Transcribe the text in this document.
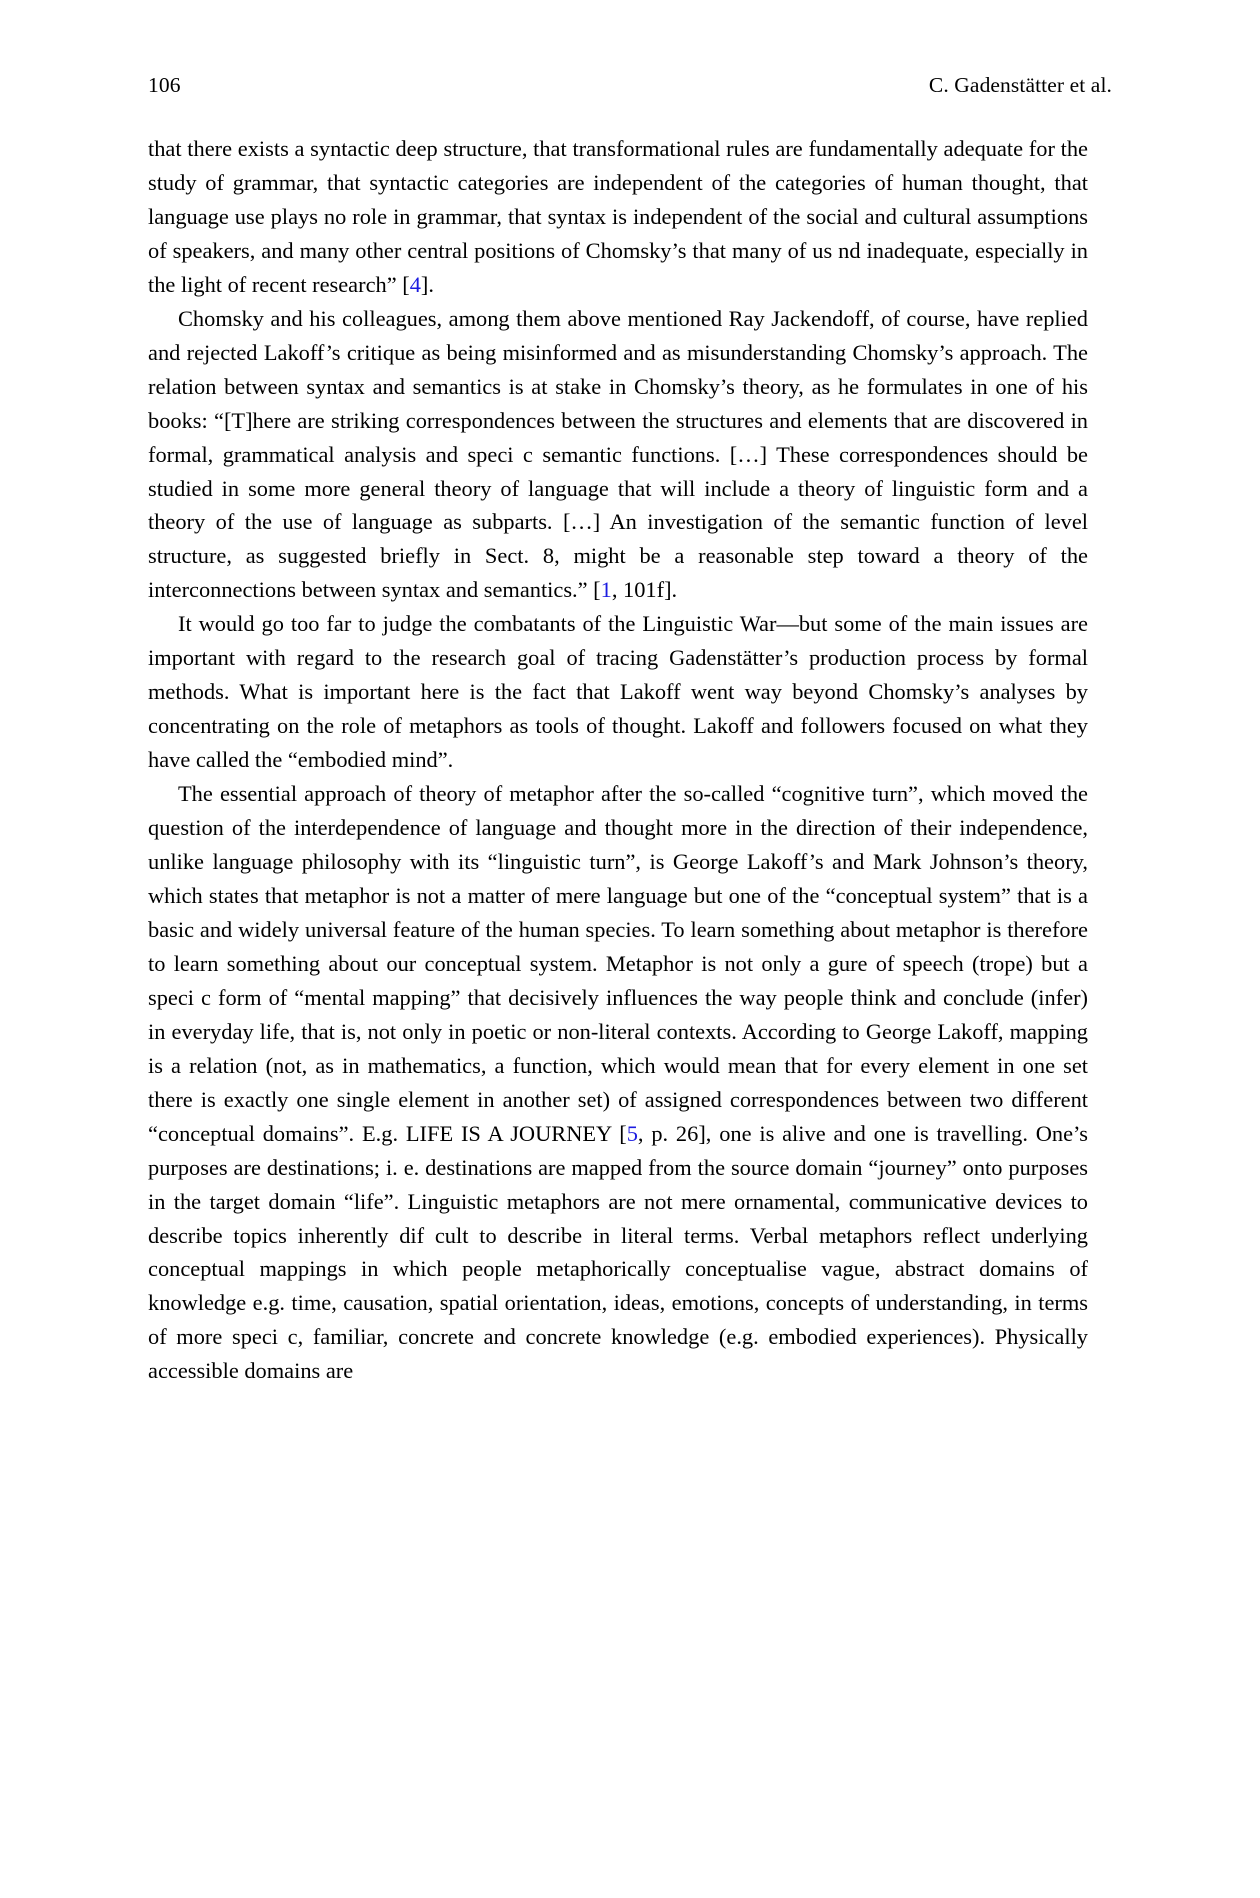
106	C. Gadenstätter et al.

that there exists a syntactic deep structure, that transformational rules are fundamentally adequate for the study of grammar, that syntactic categories are independent of the categories of human thought, that language use plays no role in grammar, that syntax is independent of the social and cultural assumptions of speakers, and many other central positions of Chomsky’s that many of us nd inadequate, especially in the light of recent research” [4].

Chomsky and his colleagues, among them above mentioned Ray Jackendoff, of course, have replied and rejected Lakoff’s critique as being misinformed and as misunderstanding Chomsky’s approach. The relation between syntax and semantics is at stake in Chomsky’s theory, as he formulates in one of his books: “[T]here are striking correspondences between the structures and elements that are discovered in formal, grammatical analysis and speci c semantic functions. […] These correspondences should be studied in some more general theory of language that will include a theory of linguistic form and a theory of the use of language as subparts. […] An investigation of the semantic function of level structure, as suggested briefly in Sect. 8, might be a reasonable step toward a theory of the interconnections between syntax and semantics.” [1, 101f].

It would go too far to judge the combatants of the Linguistic War—but some of the main issues are important with regard to the research goal of tracing Gadenstätter’s production process by formal methods. What is important here is the fact that Lakoff went way beyond Chomsky’s analyses by concentrating on the role of metaphors as tools of thought. Lakoff and followers focused on what they have called the “embodied mind”.

The essential approach of theory of metaphor after the so-called “cognitive turn”, which moved the question of the interdependence of language and thought more in the direction of their independence, unlike language philosophy with its “linguistic turn”, is George Lakoff’s and Mark Johnson’s theory, which states that metaphor is not a matter of mere language but one of the “conceptual system” that is a basic and widely universal feature of the human species. To learn something about metaphor is therefore to learn something about our conceptual system. Metaphor is not only a gure of speech (trope) but a speci c form of “mental mapping” that decisively influences the way people think and conclude (infer) in everyday life, that is, not only in poetic or non-literal contexts. According to George Lakoff, mapping is a relation (not, as in mathematics, a function, which would mean that for every element in one set there is exactly one single element in another set) of assigned correspondences between two different “conceptual domains”. E.g. LIFE IS A JOURNEY [5, p. 26], one is alive and one is travelling. One’s purposes are destinations; i. e. destinations are mapped from the source domain “journey” onto purposes in the target domain “life”. Linguistic metaphors are not mere ornamental, communicative devices to describe topics inherently dif cult to describe in literal terms. Verbal metaphors reflect underlying conceptual mappings in which people metaphorically conceptualise vague, abstract domains of knowledge e.g. time, causation, spatial orientation, ideas, emotions, concepts of understanding, in terms of more speci c, familiar, concrete and concrete knowledge (e.g. embodied experiences). Physically accessible domains are
